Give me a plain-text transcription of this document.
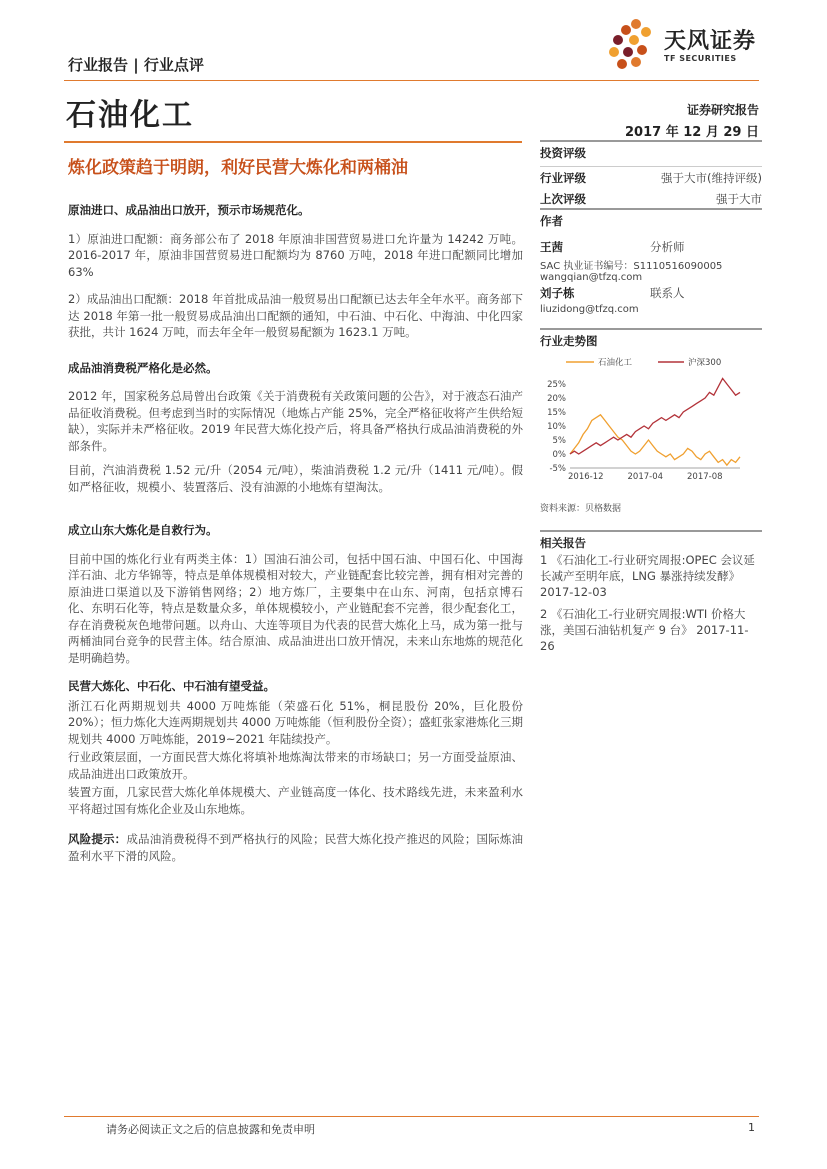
行业报告 | 行业点评
天风证券
TF SECURITIES
石油化工	证券研究报告
2017 年 12 月 29 日
炼化政策趋于明朗，利好民营大炼化和两桶油
原油进口、成品油出口放开，预示市场规范化。

1）原油进口配额：商务部公布了 2018 年原油非国营贸易进口允许量为 14242 万吨。2016-2017 年，原油非国营贸易进口配额均为 8760 万吨，2018 年进口配额同比增加 63%

2）成品油出口配额：2018 年首批成品油一般贸易出口配额已达去年全年水平。商务部下达 2018 年第一批一般贸易成品油出口配额的通知，中石油、中石化、中海油、中化四家获批，共计 1624 万吨，而去年全年一般贸易配额为 1623.1 万吨。

成品油消费税严格化是必然。

2012 年，国家税务总局曾出台政策《关于消费税有关政策问题的公告》，对于液态石油产品征收消费税。但考虑到当时的实际情况（地炼占产能 25%，完全严格征收将产生供给短缺），实际并未严格征收。2019 年民营大炼化投产后，将具备严格执行成品油消费税的外部条件。

目前，汽油消费税 1.52 元/升（2054 元/吨），柴油消费税 1.2 元/升（1411 元/吨）。假如严格征收，规模小、装置落后、没有油源的小地炼有望淘汰。

成立山东大炼化是自救行为。

目前中国的炼化行业有两类主体：1）国油石油公司，包括中国石油、中国石化、中国海洋石油、北方华锦等，特点是单体规模相对较大，产业链配套比较完善，拥有相对完善的原油进口渠道以及下游销售网络；2）地方炼厂，主要集中在山东、河南，包括京博石化、东明石化等，特点是数量众多，单体规模较小，产业链配套不完善，很少配套化工，存在消费税灰色地带问题。以舟山、大连等项目为代表的民营大炼化上马，成为第一批与两桶油同台竞争的民营主体。结合原油、成品油进出口放开情况，未来山东地炼的规范化是明确趋势。

民营大炼化、中石化、中石油有望受益。

浙江石化两期规划共 4000 万吨炼能（荣盛石化 51%，桐昆股份 20%，巨化股份 20%）；恒力炼化大连两期规划共 4000 万吨炼能（恒利股份全资）；盛虹张家港炼化三期规划共 4000 万吨炼能，2019~2021 年陆续投产。

行业政策层面，一方面民营大炼化将填补地炼淘汰带来的市场缺口；另一方面受益原油、成品油进出口政策放开。

装置方面，几家民营大炼化单体规模大、产业链高度一体化、技术路线先进，未来盈利水平将超过国有炼化企业及山东地炼。

风险提示：成品油消费税得不到严格执行的风险；民营大炼化投产推迟的风险；国际炼油盈利水平下滑的风险。

投资评级
行业评级	强于大市(维持评级)
上次评级	强于大市
作者
王茜	分析师
SAC 执业证书编号：S1110516090005
wangqian@tfzq.com
刘子栋	联系人
liuzidong@tfzq.com
行业走势图
石油化工	沪深300
25%
20%
15%
10%
5%
0%
-5%
2016-12	2017-04	2017-08
资料来源：贝格数据
相关报告
1 《石油化工-行业研究周报:OPEC 会议延长减产至明年底，LNG 暴涨持续发酵》 2017-12-03
2 《石油化工-行业研究周报:WTI 价格大涨，美国石油钻机复产 9 台》 2017-11-26
请务必阅读正文之后的信息披露和免责申明	1
